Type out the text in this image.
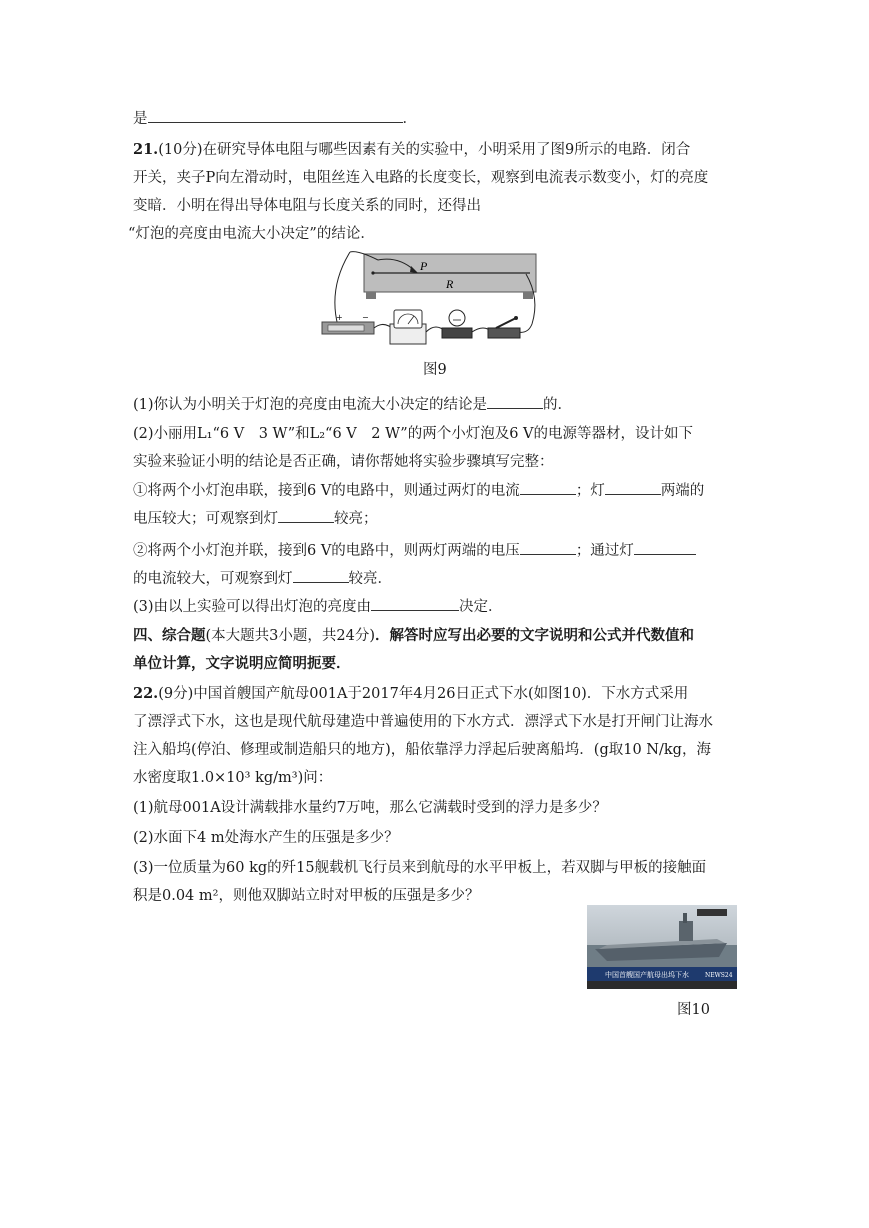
是	．
21.(10分)在研究导体电阻与哪些因素有关的实验中，小明采用了图9所示的电路．闭合
开关，夹子P向左滑动时，电阻丝连入电路的长度变长，观察到电流表示数变小，灯的亮度
变暗．小明在得出导体电阻与长度关系的同时，还得出
“灯泡的亮度由电流大小决定”的结论．
P
R
+ −
图9
(1)你认为小明关于灯泡的亮度由电流大小决定的结论是	的．
(2)小丽用L₁“6 V　3 W”和L₂“6 V　2 W”的两个小灯泡及6 V的电源等器材，设计如下
实验来验证小明的结论是否正确，请你帮她将实验步骤填写完整：
①将两个小灯泡串联，接到6 V的电路中，则通过两灯的电流	；灯	两端的
电压较大；可观察到灯	较亮；
②将两个小灯泡并联，接到6 V的电路中，则两灯两端的电压	；通过灯
的电流较大，可观察到灯	较亮．
(3)由以上实验可以得出灯泡的亮度由	决定．
四、综合题(本大题共3小题，共24分)．解答时应写出必要的文字说明和公式并代数值和
单位计算，文字说明应简明扼要．
22.(9分)中国首艘国产航母001A于2017年4月26日正式下水(如图10)．下水方式采用
了漂浮式下水，这也是现代航母建造中普遍使用的下水方式．漂浮式下水是打开闸门让海水
注入船坞(停泊、修理或制造船只的地方)，船依靠浮力浮起后驶离船坞．(g取10 N/kg，海
水密度取1.0×10³ kg/m³)问：
(1)航母001A设计满载排水量约7万吨，那么它满载时受到的浮力是多少？
(2)水面下4 m处海水产生的压强是多少？
(3)一位质量为60 kg的歼15舰载机飞行员来到航母的水平甲板上，若双脚与甲板的接触面
积是0.04 m²，则他双脚站立时对甲板的压强是多少？
中国首艘国产航母出坞下水	NEWS24
图10
